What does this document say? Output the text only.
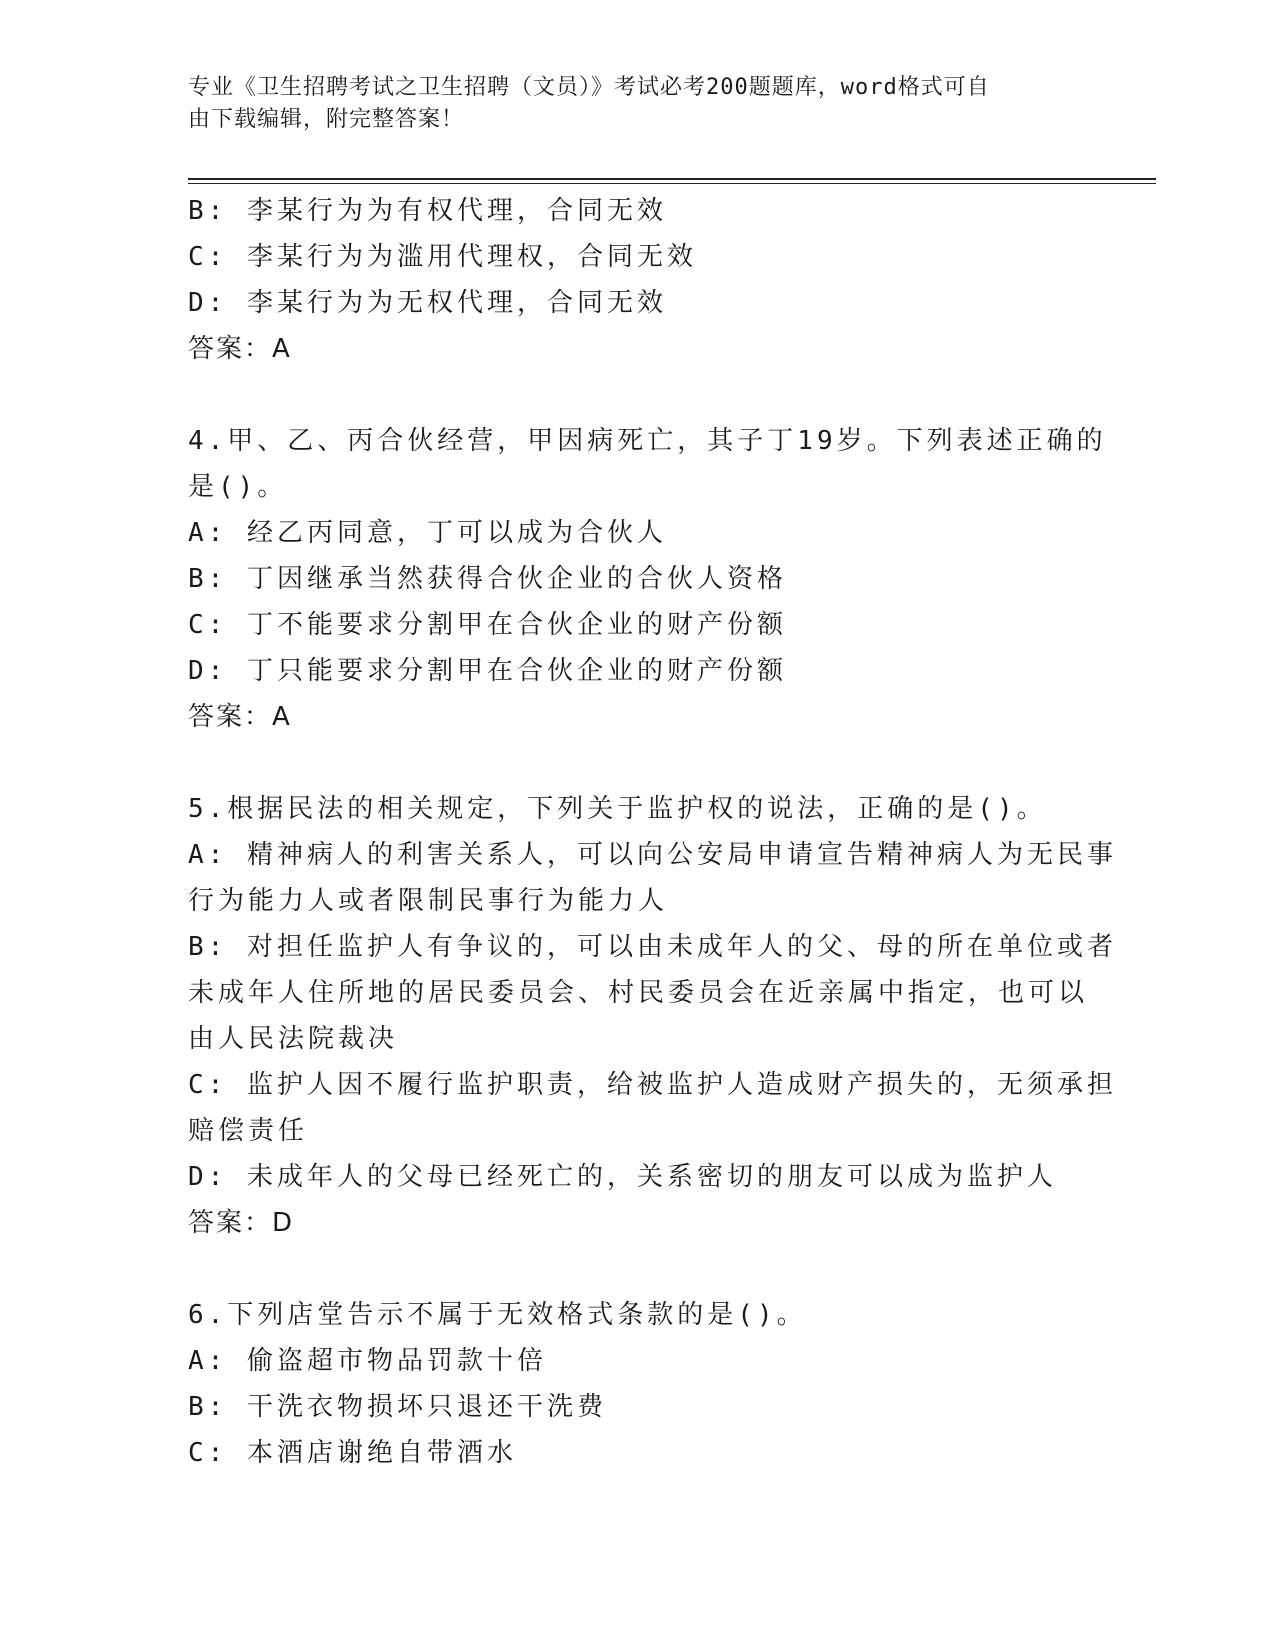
专业《卫生招聘考试之卫生招聘（文员）》考试必考200题题库，word格式可自
由下载编辑，附完整答案！

B: 李某行为为有权代理，合同无效

C: 李某行为为滥用代理权，合同无效

D: 李某行为为无权代理，合同无效

答案：A

4.甲、乙、丙合伙经营，甲因病死亡，其子丁19岁。下列表述正确的

是()。

A: 经乙丙同意，丁可以成为合伙人

B: 丁因继承当然获得合伙企业的合伙人资格

C: 丁不能要求分割甲在合伙企业的财产份额

D: 丁只能要求分割甲在合伙企业的财产份额

答案：A

5.根据民法的相关规定，下列关于监护权的说法，正确的是()。

A: 精神病人的利害关系人，可以向公安局申请宣告精神病人为无民事

行为能力人或者限制民事行为能力人

B: 对担任监护人有争议的，可以由未成年人的父、母的所在单位或者

未成年人住所地的居民委员会、村民委员会在近亲属中指定，也可以

由人民法院裁决

C: 监护人因不履行监护职责，给被监护人造成财产损失的，无须承担

赔偿责任

D: 未成年人的父母已经死亡的，关系密切的朋友可以成为监护人

答案：D

6.下列店堂告示不属于无效格式条款的是()。

A: 偷盗超市物品罚款十倍

B: 干洗衣物损坏只退还干洗费

C: 本酒店谢绝自带酒水
